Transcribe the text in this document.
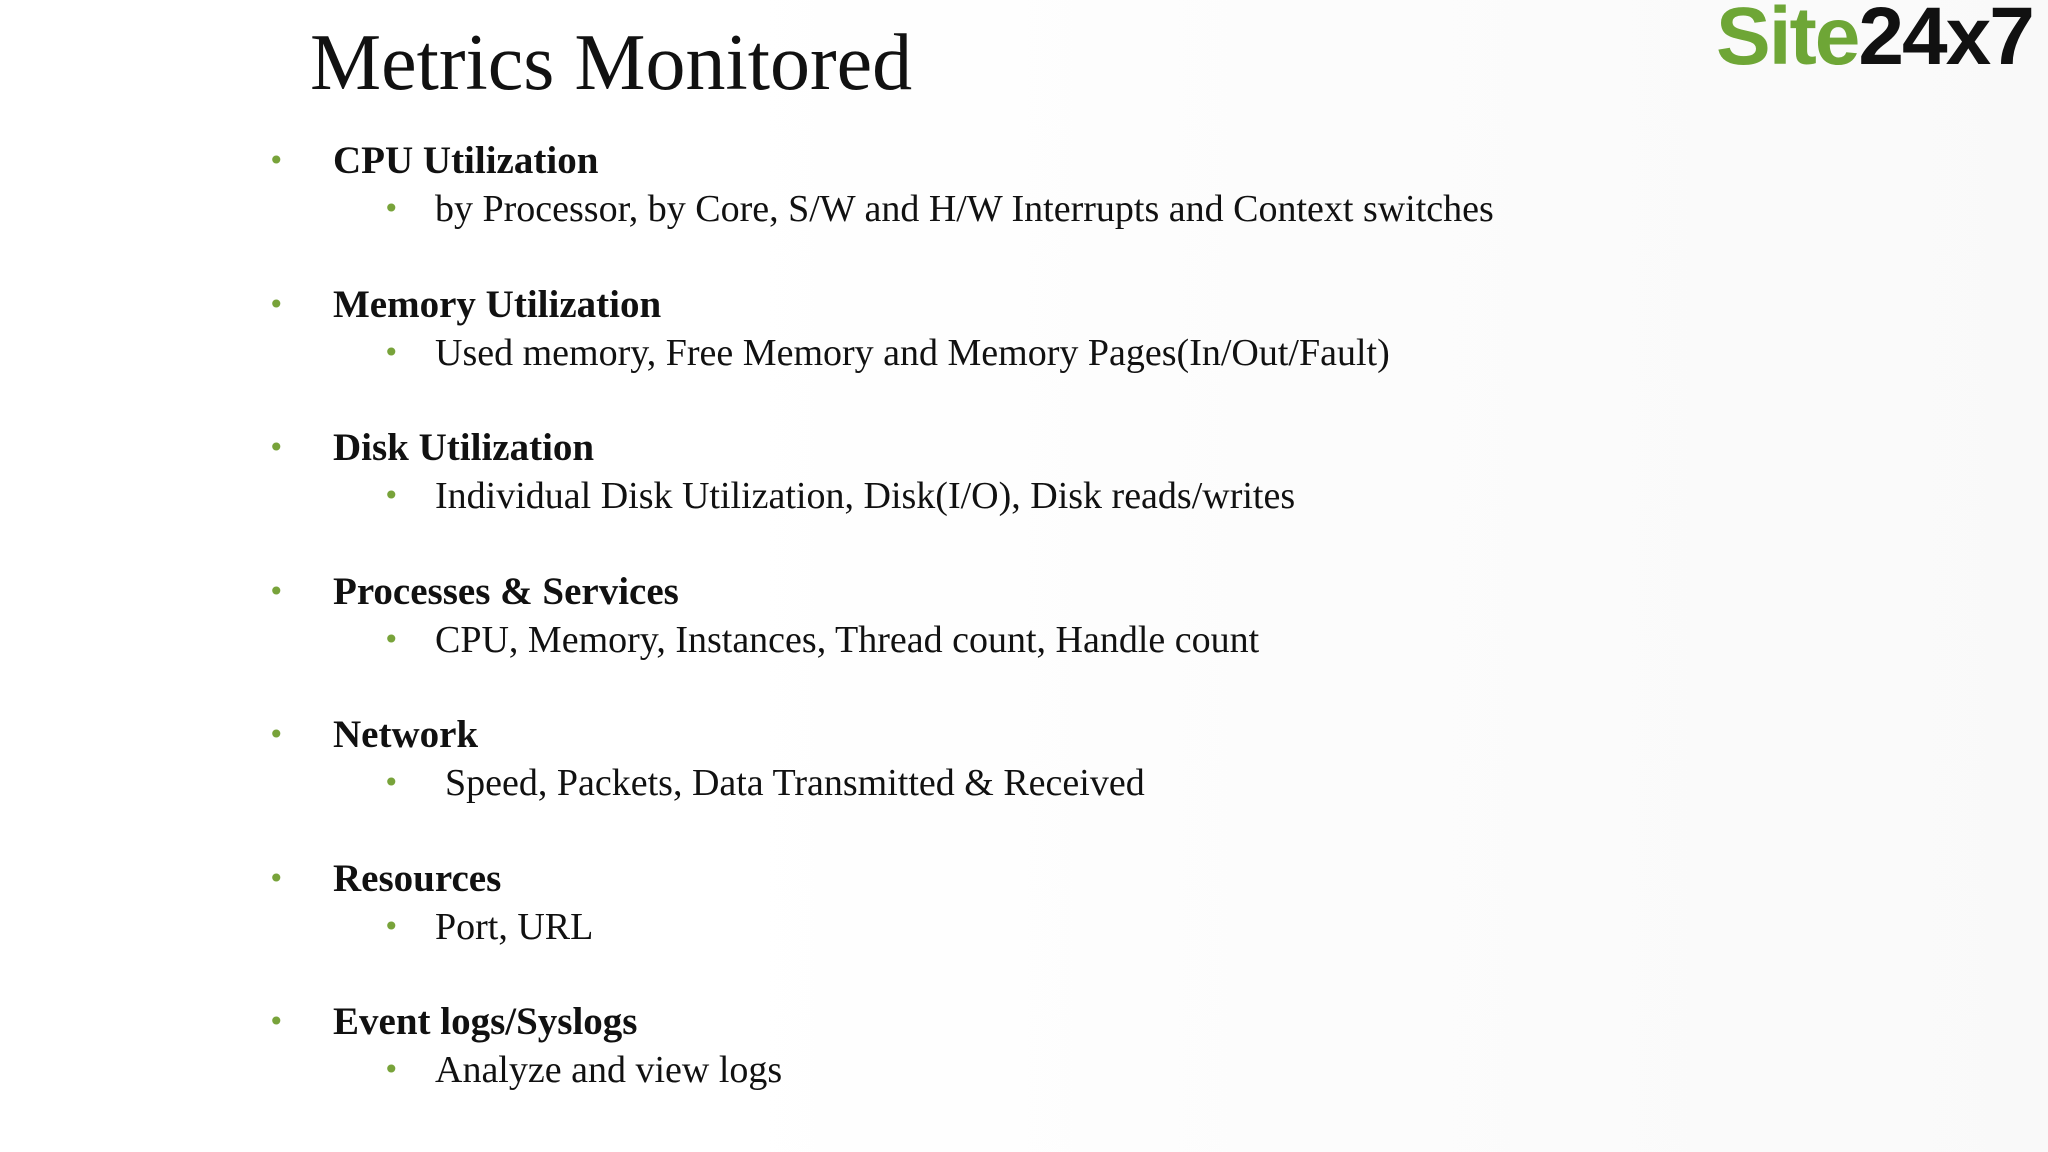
Metrics Monitored	Site24x7
• CPU Utilization
• by Processor, by Core, S/W and H/W Interrupts and Context switches
• Memory Utilization
• Used memory, Free Memory and Memory Pages(In/Out/Fault)
• Disk Utilization
• Individual Disk Utilization, Disk(I/O), Disk reads/writes
• Processes & Services
• CPU, Memory, Instances, Thread count, Handle count
• Network
• Speed, Packets, Data Transmitted & Received
• Resources
• Port, URL
• Event logs/Syslogs
• Analyze and view logs
